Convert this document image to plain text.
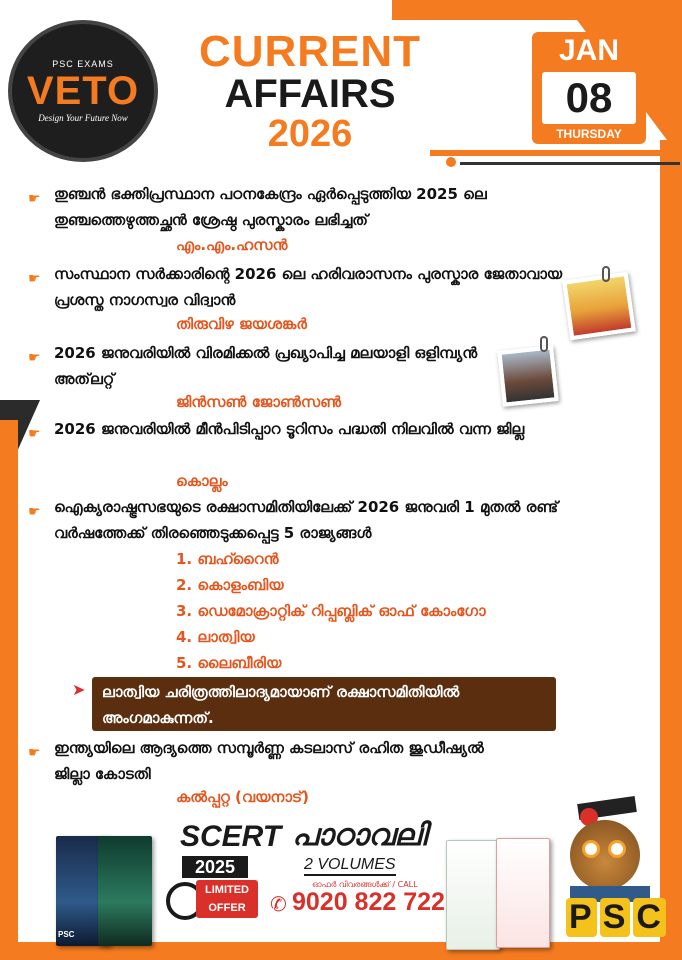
PSC EXAMS
VETO
Design Your Future Now
CURRENT
AFFAIRS
2026
JAN
08
THURSDAY
☛ തുഞ്ചൻ ഭക്തിപ്രസ്ഥാന പഠനകേന്ദ്രം ഏർപ്പെടുത്തിയ 2025 ലെ തുഞ്ചത്തെഴുത്തച്ഛൻ ശ്രേഷ്ഠ പുരസ്കാരം ലഭിച്ചത്
എം.എം.ഹസൻ
☛ സംസ്ഥാന സർക്കാരിന്റെ 2026 ലെ ഹരിവരാസനം പുരസ്കാര ജേതാവായ പ്രശസ്ത നാഗസ്വര വിദ്വാൻ
തിരുവിഴ ജയശങ്കർ
☛ 2026 ജനുവരിയിൽ വിരമിക്കൽ പ്രഖ്യാപിച്ച മലയാളി ഒളിമ്പ്യൻ അത്‌ലറ്റ്
ജിൻസൺ ജോൺസൺ
☛ 2026 ജനുവരിയിൽ മീൻപിടിപ്പാറ ടൂറിസം പദ്ധതി നിലവിൽ വന്ന ജില്ല
കൊല്ലം
☛ ഐക്യരാഷ്ട്രസഭയുടെ രക്ഷാസമിതിയിലേക്ക് 2026 ജനുവരി 1 മുതൽ രണ്ട് വർഷത്തേക്ക് തിരഞ്ഞെടുക്കപ്പെട്ട 5 രാജ്യങ്ങൾ
1. ബഹ്റൈൻ
2. കൊളംബിയ
3. ഡെമോക്രാറ്റിക് റിപ്പബ്ലിക് ഓഫ് കോംഗോ
4. ലാത്വിയ
5. ലൈബീരിയ
➤	ലാത്വിയ ചരിത്രത്തിലാദ്യമായാണ് രക്ഷാസമിതിയിൽ അംഗമാകുന്നത്.
☛ ഇന്ത്യയിലെ ആദ്യത്തെ സമ്പൂർണ്ണ കടലാസ് രഹിത ജുഡീഷ്യൽ ജില്ലാ കോടതി
കൽപ്പറ്റ (വയനാട്)
PSC
SCERT പാഠാവലി
2025	2 VOLUMES
LIMITED
OFFER
ഓഫർ വിവരങ്ങൾക്ക് / CALL
✆ 9020 822 722	P S C
